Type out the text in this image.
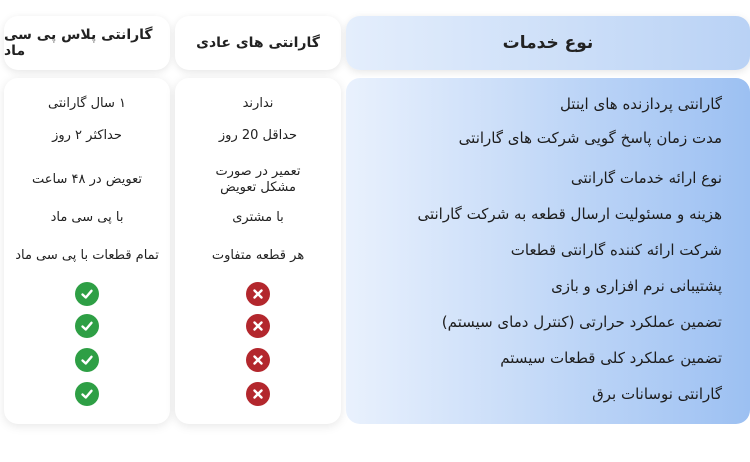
گارانتی پلاس پی سی ماد	گارانتی های عادی	نوع خدمات
۱ سال گارانتی
حداکثر ۲ روز
تعویض در ۴۸ ساعت
با پی سی ماد
تمام قطعات با پی سی ماد
ندارند
حداقل 20 روز
تعمیر در صورت مشکل تعویض
با مشتری
هر قطعه متفاوت
گارانتی پردازنده های اینتل
مدت زمان پاسخ گویی شرکت های گارانتی
نوع ارائه خدمات گارانتی
هزینه و مسئولیت ارسال قطعه به شرکت گارانتی
شرکت ارائه کننده گارانتی قطعات
پشتیبانی نرم افزاری و بازی
تضمین عملکرد حرارتی (کنترل دمای سیستم)
تضمین عملکرد کلی قطعات سیستم
گارانتی نوسانات برق
